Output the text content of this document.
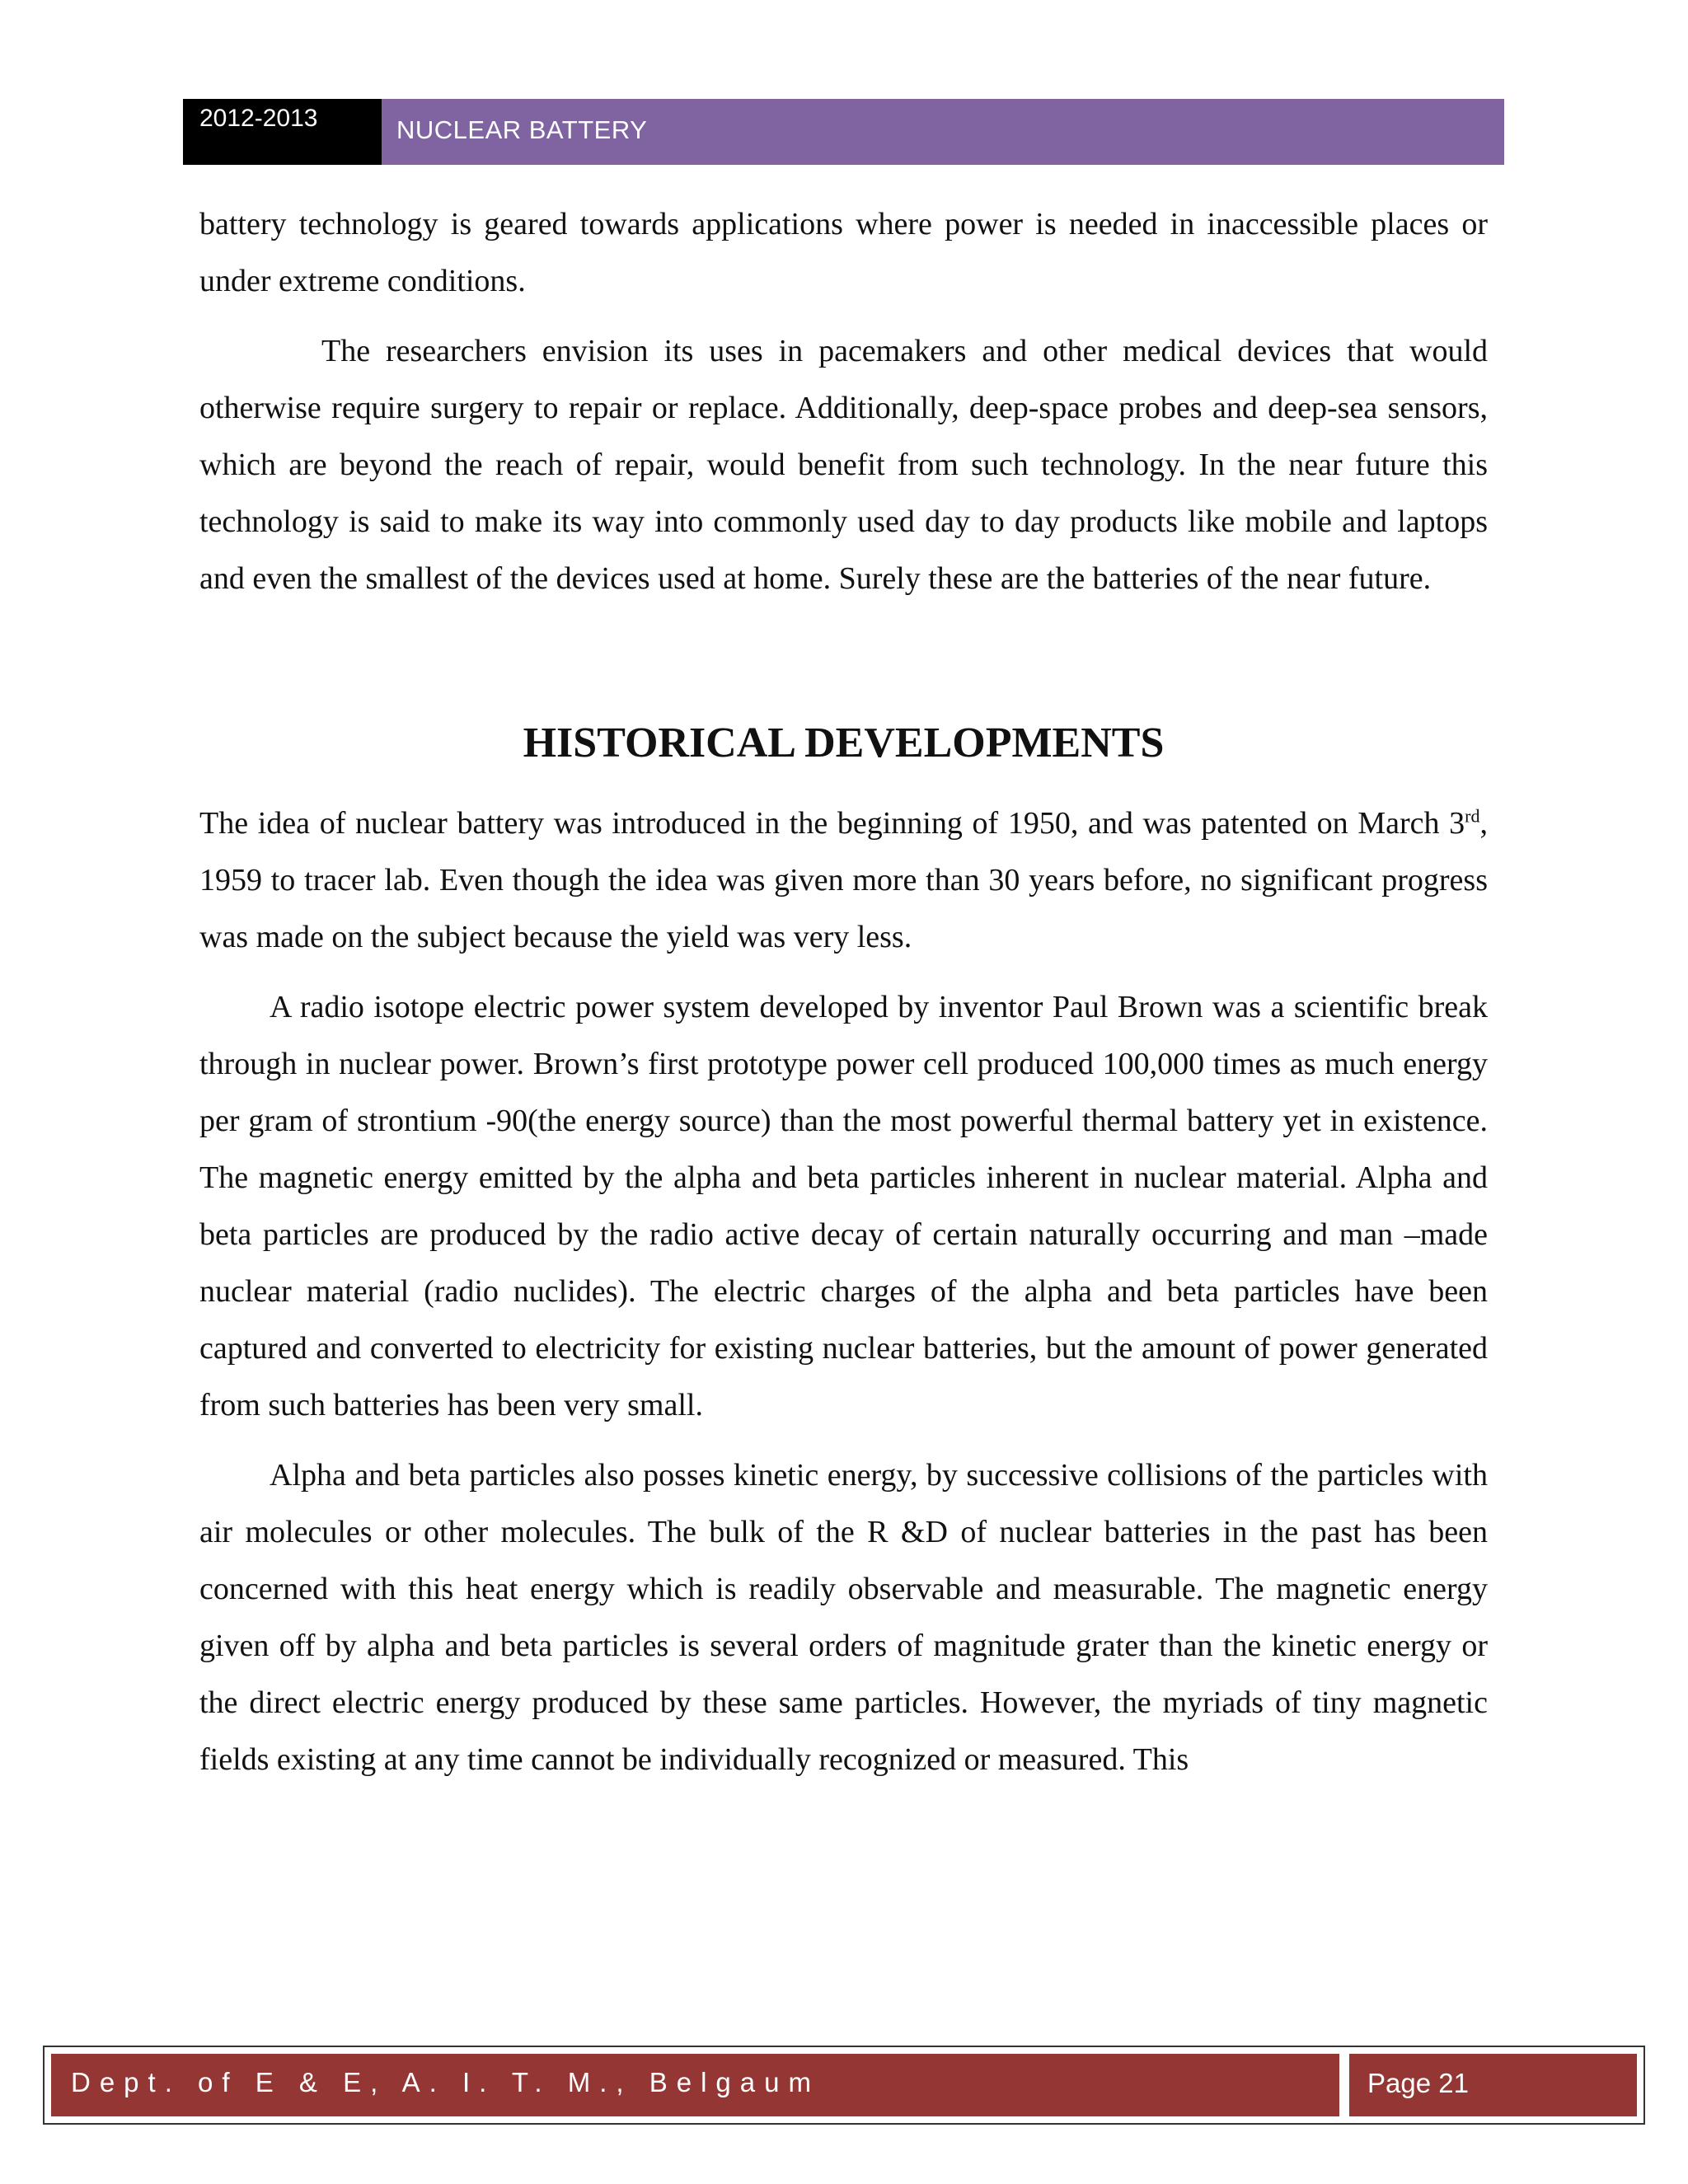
2012-2013	NUCLEAR BATTERY

battery technology is geared towards applications where power is needed in inaccessible places or under extreme conditions.

The researchers envision its uses in pacemakers and other medical devices that would otherwise require surgery to repair or replace. Additionally, deep-space probes and deep-sea sensors, which are beyond the reach of repair, would benefit from such technology. In the near future this technology is said to make its way into commonly used day to day products like mobile and laptops and even the smallest of the devices used at home. Surely these are the batteries of the near future.

HISTORICAL DEVELOPMENTS

The idea of nuclear battery was introduced in the beginning of 1950, and was patented on March 3rd, 1959 to tracer lab. Even though the idea was given more than 30 years before, no significant progress was made on the subject because the yield was very less.

A radio isotope electric power system developed by inventor Paul Brown was a scientific break through in nuclear power. Brown’s first prototype power cell produced 100,000 times as much energy per gram of strontium -90(the energy source) than the most powerful thermal battery yet in existence. The magnetic energy emitted by the alpha and beta particles inherent in nuclear material. Alpha and beta particles are produced by the radio active decay of certain naturally occurring and man –made nuclear material (radio nuclides). The electric charges of the alpha and beta particles have been captured and converted to electricity for existing nuclear batteries, but the amount of power generated from such batteries has been very small.

Alpha and beta particles also posses kinetic energy, by successive collisions of the particles with air molecules or other molecules. The bulk of the R &D of nuclear batteries in the past has been concerned with this heat energy which is readily observable and measurable. The magnetic energy given off by alpha and beta particles is several orders of magnitude grater than the kinetic energy or the direct electric energy produced by these same particles. However, the myriads of tiny magnetic fields existing at any time cannot be individually recognized or measured. This

Dept. of E & E, A. I. T. M., Belgaum	Page 21
